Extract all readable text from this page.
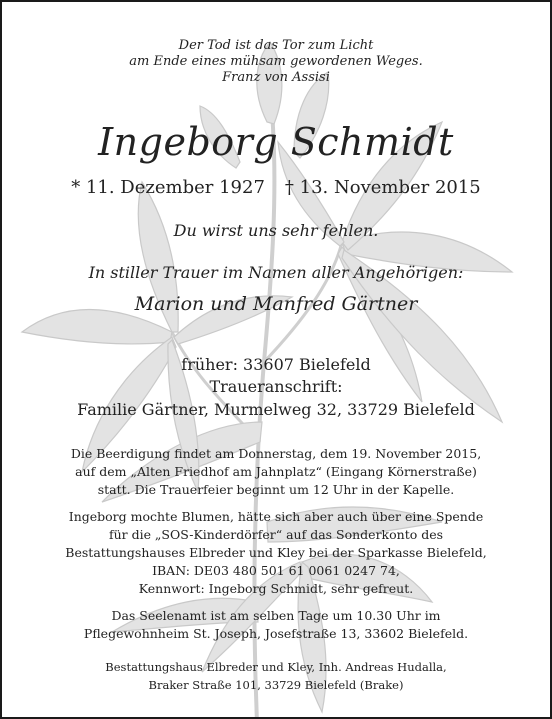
Der Tod ist das Tor zum Licht
am Ende eines mühsam gewordenen Weges.
Franz von Assisi
Ingeborg Schmidt
* 11. Dezember 1927 † 13. November 2015
Du wirst uns sehr fehlen.
In stiller Trauer im Namen aller Angehörigen:
Marion und Manfred Gärtner
früher: 33607 Bielefeld
Traueranschrift:
Familie Gärtner, Murmelweg 32, 33729 Bielefeld
Die Beerdigung findet am Donnerstag, dem 19. November 2015,
auf dem „Alten Friedhof am Jahnplatz“ (Eingang Körnerstraße)
statt. Die Trauerfeier beginnt um 12 Uhr in der Kapelle.
Ingeborg mochte Blumen, hätte sich aber auch über eine Spende
für die „SOS-Kinderdörfer“ auf das Sonderkonto des
Bestattungshauses Elbreder und Kley bei der Sparkasse Bielefeld,
IBAN: DE03 480 501 61 0061 0247 74,
Kennwort: Ingeborg Schmidt, sehr gefreut.
Das Seelenamt ist am selben Tage um 10.30 Uhr im
Pflegewohnheim St. Joseph, Josefstraße 13, 33602 Bielefeld.
Bestattungshaus Elbreder und Kley, Inh. Andreas Hudalla,
Braker Straße 101, 33729 Bielefeld (Brake)
